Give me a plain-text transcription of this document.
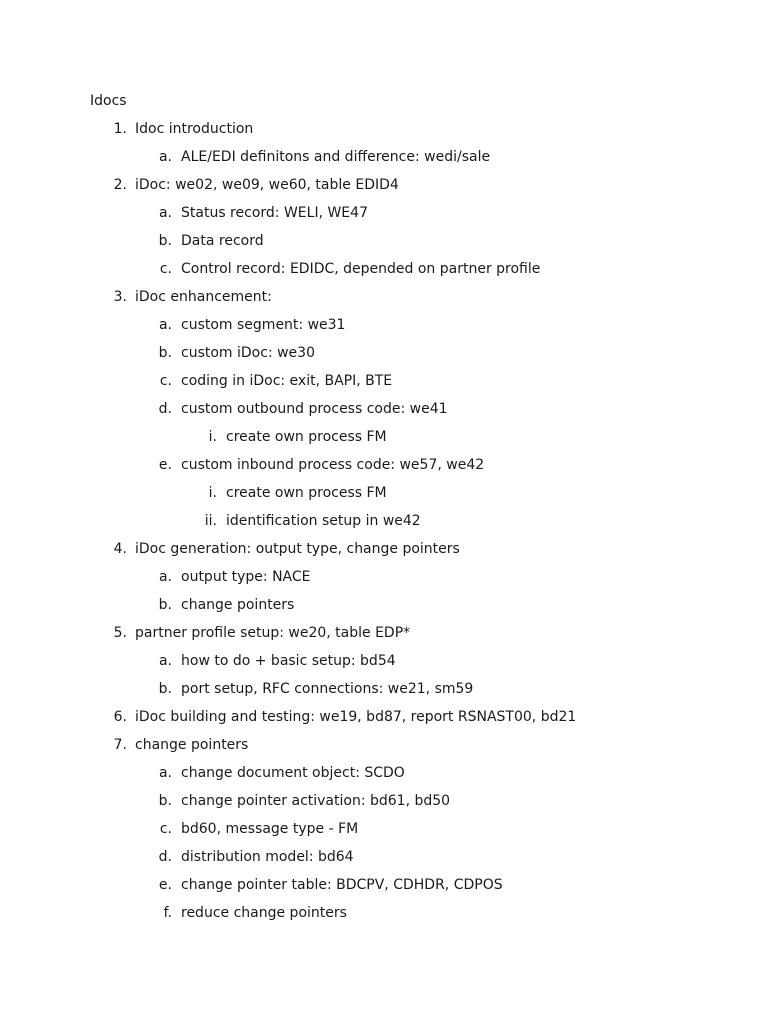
Idocs
1. Idoc introduction
a. ALE/EDI definitons and difference: wedi/sale
2. iDoc: we02, we09, we60, table EDID4
a. Status record: WELI, WE47
b. Data record
c. Control record: EDIDC, depended on partner profile
3. iDoc enhancement:
a. custom segment: we31
b. custom iDoc: we30
c. coding in iDoc: exit, BAPI, BTE
d. custom outbound process code: we41
i. create own process FM
e. custom inbound process code: we57, we42
i. create own process FM
ii. identification setup in we42
4. iDoc generation: output type, change pointers
a. output type: NACE
b. change pointers
5. partner profile setup: we20, table EDP*
a. how to do + basic setup: bd54
b. port setup, RFC connections: we21, sm59
6. iDoc building and testing: we19, bd87, report RSNAST00, bd21
7. change pointers
a. change document object: SCDO
b. change pointer activation: bd61, bd50
c. bd60, message type - FM
d. distribution model: bd64
e. change pointer table: BDCPV, CDHDR, CDPOS
f. reduce change pointers
